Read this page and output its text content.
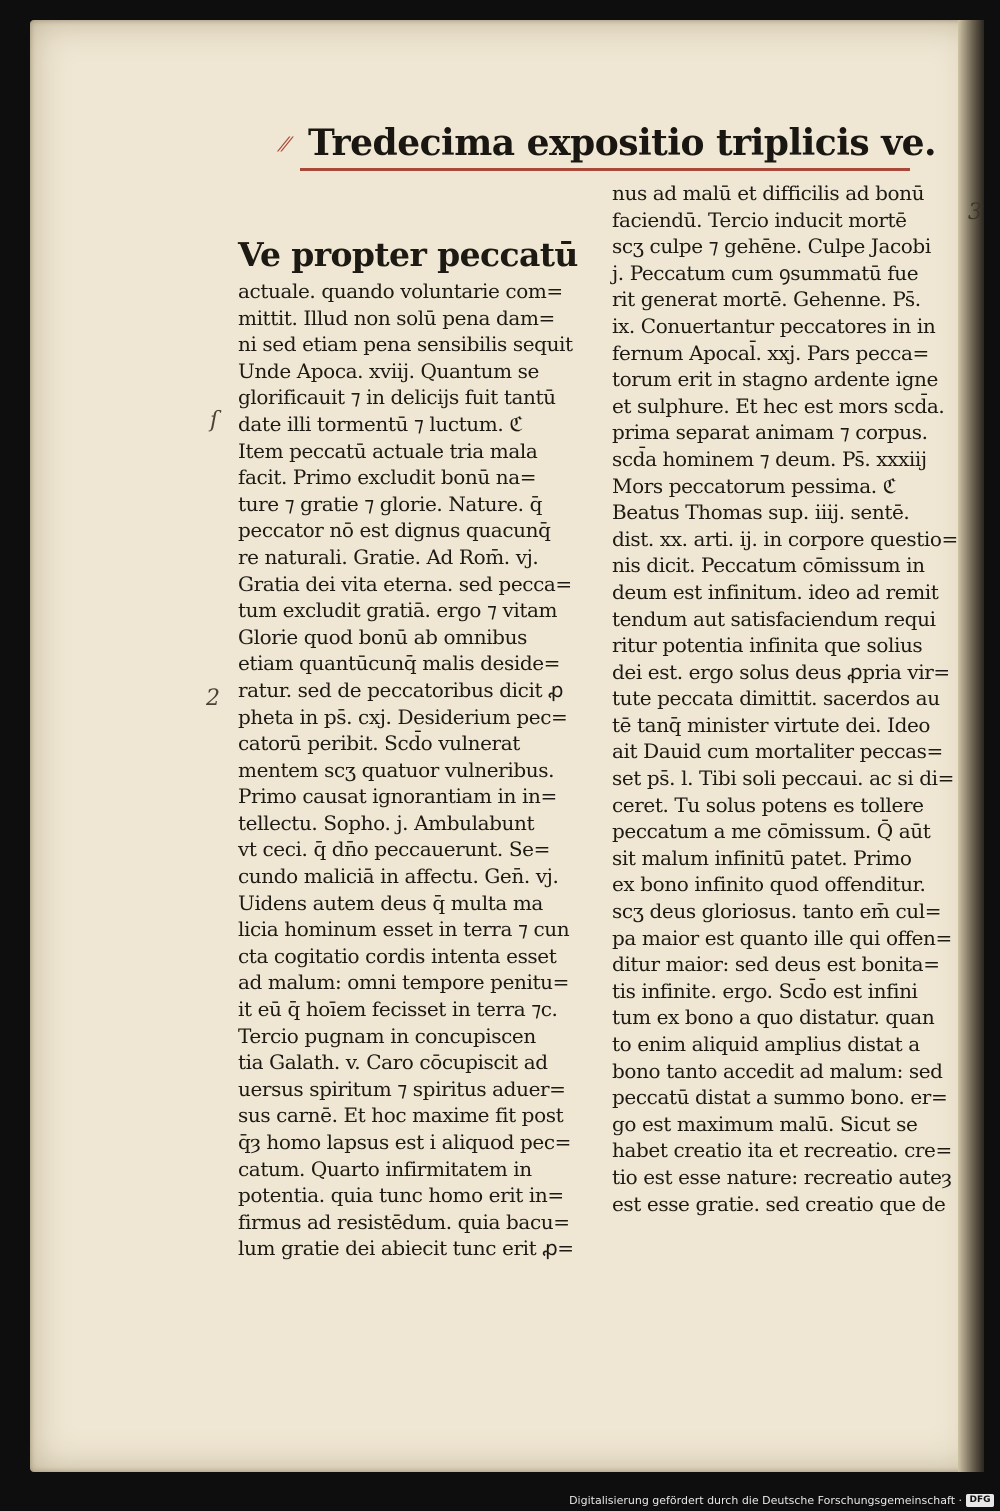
⁄⁄ Tredecima expositio triplicis ve.
ſ
2
3
Ve propter peccatū
actuale. quando voluntarie com=
mittit. Illud non solū pena dam=
ni sed etiam pena sensibilis sequit
Unde Apoca. xviij. Quantum se
glorificauit ⁊ in delicijs fuit tantū
date illi tormentū ⁊ luctum. ℭ
Item peccatū actuale tria mala
facit. Primo excludit bonū na=
ture ⁊ gratie ⁊ glorie. Nature. q̄
peccator nō est dignus quacunq̄
re naturali. Gratie. Ad Rom̄. vj.
Gratia dei vita eterna. sed pecca=
tum excludit gratiā. ergo ⁊ vitam
Glorie quod bonū ab omnibus
etiam quantūcunq̄ malis deside=
ratur. sed de peccatoribus dicit ꝓ
pheta in ps̄. cxj. Desiderium pec=
catorū peribit. Scd̄o vulnerat
mentem scʒ quatuor vulneribus.
Primo causat ignorantiam in in=
tellectu. Sopho. j. Ambulabunt
vt ceci. q̄ dn̄o peccauerunt. Se=
cundo maliciā in affectu. Gen̄. vj.
Uidens autem deus q̄ multa ma
licia hominum esset in terra ⁊ cun
cta cogitatio cordis intenta esset
ad malum: omni tempore penitu=
it eū q̄ hoīem fecisset in terra ⁊c.
Tercio pugnam in concupiscen
tia Galath. v. Caro cōcupiscit ad
uersus spiritum ⁊ spiritus aduer=
sus carnē. Et hoc maxime fit post
q̄ȝ homo lapsus est i aliquod pec=
catum. Quarto infirmitatem in
potentia. quia tunc homo erit in=
firmus ad resistēdum. quia bacu=
lum gratie dei abiecit tunc erit ꝓ=
nus ad malū et difficilis ad bonū
faciendū. Tercio inducit mortē
scʒ culpe ⁊ gehēne. Culpe Jacobi
j. Peccatum cum ꝯsummatū fue
rit generat mortē. Gehenne. Ps̄.
ix. Conuertantur peccatores in in
fernum Apocal̄. xxj. Pars pecca=
torum erit in stagno ardente igne
et sulphure. Et hec est mors scd̄a.
prima separat animam ⁊ corpus.
scd̄a hominem ⁊ deum. Ps̄. xxxiij
Mors peccatorum pessima. ℭ
Beatus Thomas sup. iiij. sentē.
dist. xx. arti. ij. in corpore questio=
nis dicit. Peccatum cōmissum in
deum est infinitum. ideo ad remit
tendum aut satisfaciendum requi
ritur potentia infinita que solius
dei est. ergo solus deus ꝓpria vir=
tute peccata dimittit. sacerdos au
tē tanq̄ minister virtute dei. Ideo
ait Dauid cum mortaliter peccas=
set ps̄. l. Tibi soli peccaui. ac si di=
ceret. Tu solus potens es tollere
peccatum a me cōmissum. Q̄ aūt
sit malum infinitū patet. Primo
ex bono infinito quod offenditur.
scʒ deus gloriosus. tanto em̄ cul=
pa maior est quanto ille qui offen=
ditur maior: sed deus est bonita=
tis infinite. ergo. Scd̄o est infini
tum ex bono a quo distatur. quan
to enim aliquid amplius distat a
bono tanto accedit ad malum: sed
peccatū distat a summo bono. er=
go est maximum malū. Sicut se
habet creatio ita et recreatio. cre=
tio est esse nature: recreatio auteȝ
est esse gratie. sed creatio que de
Digitalisierung gefördert durch die Deutsche Forschungsgemeinschaft · DFG
